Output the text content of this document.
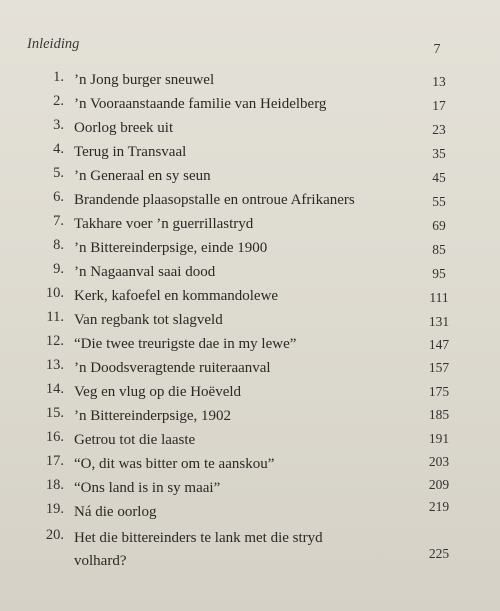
Inleiding	7
1. ’n Jong burger sneuwel	13
2. ’n Vooraanstaande familie van Heidelberg	17
3. Oorlog breek uit	23
4. Terug in Transvaal	35
5. ’n Generaal en sy seun	45
6. Brandende plaasopstalle en ontroue Afrikaners	55
7. Takhare voer ’n guerrillastryd	69
8. ’n Bittereinderpsige, einde 1900	85
9. ’n Nagaanval saai dood	95
10. Kerk, kafoefel en kommandolewe	111
11. Van regbank tot slagveld	131
12. “Die twee treurigste dae in my lewe”	147
13. ’n Doodsveragtende ruiteraanval	157
14. Veg en vlug op die Hoëveld	175
15. ’n Bittereinderpsige, 1902	185
16. Getrou tot die laaste	191
17. “O, dit was bitter om te aanskou”	203
18. “Ons land is in sy maai”	209
19. Ná die oorlog	219
20. Het die bittereinders te lank met die stryd
volhard?	225
